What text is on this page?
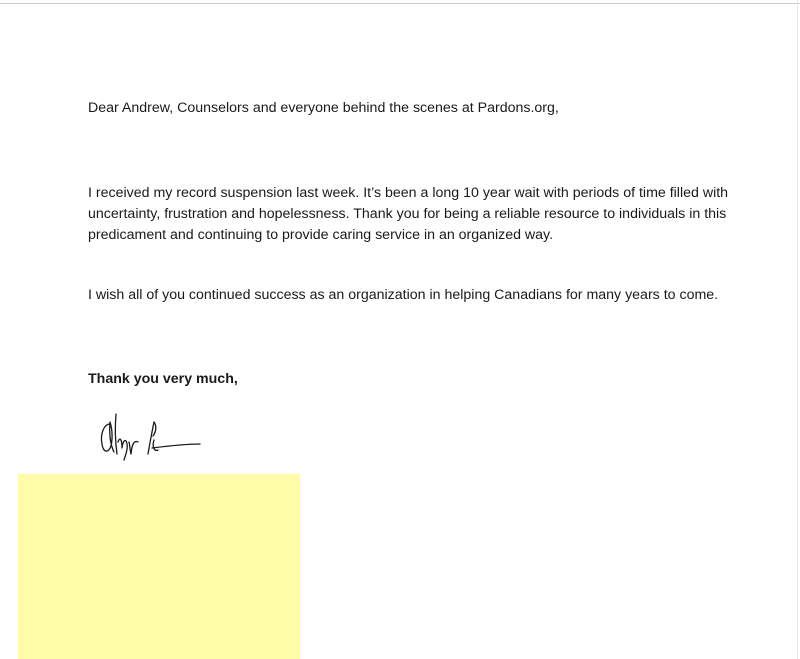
Dear Andrew, Counselors and everyone behind the scenes at Pardons.org,

I received my record suspension last week. It’s been a long 10 year wait with periods of time filled with
uncertainty, frustration and hopelessness. Thank you for being a reliable resource to individuals in this
predicament and continuing to provide caring service in an organized way.

I wish all of you continued success as an organization in helping Canadians for many years to come.

Thank you very much,
